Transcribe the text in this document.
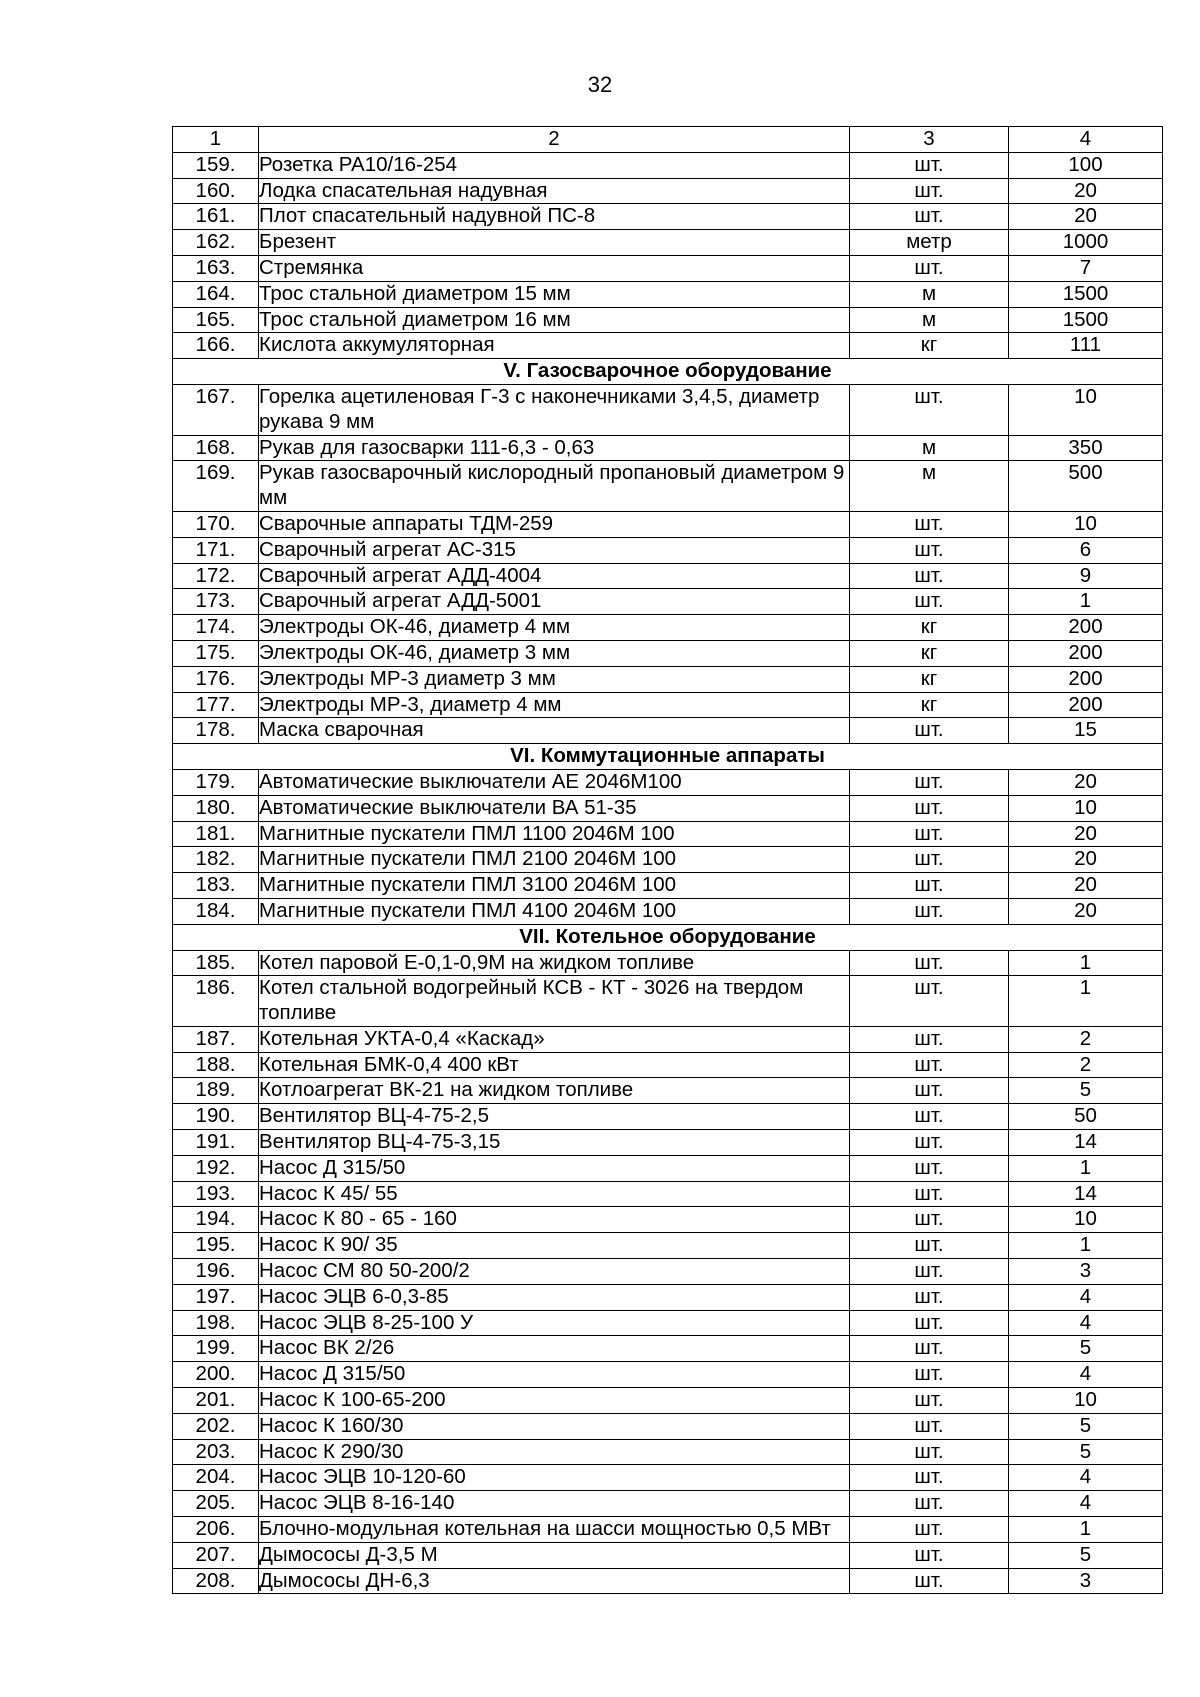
32
1	2	3	4
159.	Розетка РА10/16-254	шт.	100
160.	Лодка спасательная надувная	шт.	20
161.	Плот спасательный надувной ПС-8	шт.	20
162.	Брезент	метр	1000
163.	Стремянка	шт.	7
164.	Трос стальной диаметром 15 мм	м	1500
165.	Трос стальной диаметром 16 мм	м	1500
166.	Кислота аккумуляторная	кг	111
V. Газосварочное оборудование			
167.	Горелка ацетиленовая Г-3 с наконечниками 3,4,5, диаметр рукава 9 мм	шт.	10
168.	Рукав для газосварки 111-6,3 - 0,63	м	350
169.	Рукав газосварочный кислородный пропановый диаметром 9 мм	м	500
170.	Сварочные аппараты ТДМ-259	шт.	10
171.	Сварочный агрегат АС-315	шт.	6
172.	Сварочный агрегат АДД-4004	шт.	9
173.	Сварочный агрегат АДД-5001	шт.	1
174.	Электроды ОК-46, диаметр 4 мм	кг	200
175.	Электроды ОК-46, диаметр 3 мм	кг	200
176.	Электроды МР-3 диаметр 3 мм	кг	200
177.	Электроды МР-3, диаметр 4 мм	кг	200
178.	Маска сварочная	шт.	15
VI. Коммутационные аппараты			
179.	Автоматические выключатели АЕ 2046М100	шт.	20
180.	Автоматические выключатели ВА 51-35	шт.	10
181.	Магнитные пускатели ПМЛ 1100 2046М 100	шт.	20
182.	Магнитные пускатели ПМЛ 2100 2046М 100	шт.	20
183.	Магнитные пускатели ПМЛ 3100 2046М 100	шт.	20
184.	Магнитные пускатели ПМЛ 4100 2046М 100	шт.	20
VII. Котельное оборудование			
185.	Котел паровой Е-0,1-0,9М на жидком топливе	шт.	1
186.	Котел стальной водогрейный КСВ - КТ - 3026 на твердом топливе	шт.	1
187.	Котельная УКТА-0,4 «Каскад»	шт.	2
188.	Котельная БМК-0,4 400 кВт	шт.	2
189.	Котлоагрегат ВК-21 на жидком топливе	шт.	5
190.	Вентилятор ВЦ-4-75-2,5	шт.	50
191.	Вентилятор ВЦ-4-75-3,15	шт.	14
192.	Насос Д 315/50	шт.	1
193.	Насос К 45/ 55	шт.	14
194.	Насос К 80 - 65 - 160	шт.	10
195.	Насос К 90/ 35	шт.	1
196.	Насос СМ 80 50-200/2	шт.	3
197.	Насос ЭЦВ 6-0,3-85	шт.	4
198.	Насос ЭЦВ 8-25-100 У	шт.	4
199.	Насос ВК 2/26	шт.	5
200.	Насос Д 315/50	шт.	4
201.	Насос К 100-65-200	шт.	10
202.	Насос К 160/30	шт.	5
203.	Насос К 290/30	шт.	5
204.	Насос ЭЦВ 10-120-60	шт.	4
205.	Насос ЭЦВ 8-16-140	шт.	4
206.	Блочно-модульная котельная на шасси мощностью 0,5 МВт	шт.	1
207.	Дымососы Д-3,5 М	шт.	5
208.	Дымососы ДН-6,3	шт.	3
